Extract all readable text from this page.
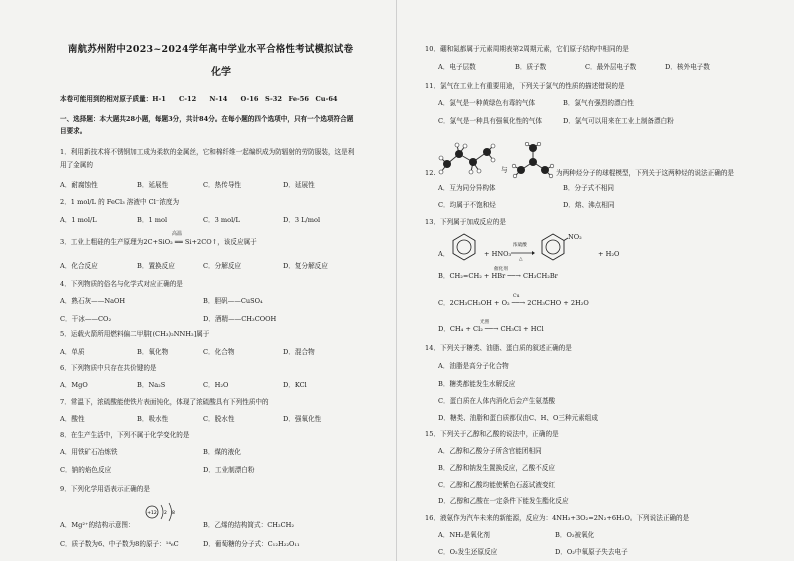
南航苏州附中2023~2024学年高中学业水平合格性考试模拟试卷
化学
本卷可能用到的相对原子质量：H-1　　C-12　　N-14　　O-16　S-32　Fe-56　Cu-64
一、选择题：本大题共28小题，每题3分，共计84分。在每小题的四个选项中，只有一个选项符合题
目要求。
1．利用新技术将不锈钢加工成为柔软的金属丝，它和棉纤维一起编织成为防辐射的劳防服装，这是利
用了金属的
A．耐腐蚀性	B．延展性	C．热传导性	D．延展性
2．1 mol/L 的 FeCl₃ 溶液中 Cl⁻浓度为
A．1 mol/L	B．1 mol	C．3 mol/L	D．3 L/mol
高温
3．工业上粗硅的生产原理为2C+SiO₂ ══ Si+2CO↑，该反应属于
A．化合反应	B．置换反应	C．分解反应	D．复分解反应
4．下列物质的俗名与化学式对应正确的是
A．熟石灰——NaOH	B．胆矾——CuSO₄
C．干冰——CO₂	D．酒精——CH₃COOH
5．运载火箭所用燃料偏二甲肼[(CH₃)₂NNH₂]属于
A．单质	B．氧化物	C．化合物	D．混合物
6．下列物质中只存在共价键的是
A．MgO	B．Na₂S	C．H₂O	D．KCl
7．常温下，浓硫酸能使铁片表面钝化，体现了浓硫酸具有下列性质中的
A．酸性	B．吸水性	C．脱水性	D．强氧化性
8．在生产生活中，下列不属于化学变化的是
A．用铁矿石冶炼铁	B．煤的液化
C．钠的焰色反应	D．工业制漂白粉
9．下列化学用语表示正确的是
+12 2 8
A．Mg²⁺的结构示意图：	B．乙烯的结构简式：CH₂CH₂
C．质子数为6、中子数为8的原子：¹⁴₆C	D．葡萄糖的分子式：C₁₂H₂₂O₁₁
10．硼和氮都属于元素周期表第2周期元素，它们原子结构中相同的是
A．电子层数	B．质子数	C．最外层电子数	D．核外电子数
11．氯气在工业上有重要用途，下列关于氯气的性质的描述错误的是
A．氯气是一种黄绿色有毒的气体	B．氯气有强烈的漂白性
C．氯气是一种具有强氧化性的气体	D．氯气可以用来在工业上制备漂白粉
12.	与	为两种烃分子的球棍模型，下列关于这两种烃的说法正确的是
A．互为同分异构体	B．分子式不相同
C．均属于不饱和烃	D．熔、沸点相同
13．下列属于加成反应的是
A．	+ HNO₃
浓硫酸
△
NO₂
+ H₂O
催化剂
B．CH₂=CH₂ + HBr ──→ CH₃CH₂Br
Cu
C．2CH₃CH₂OH + O₂ ──→ 2CH₃CHO + 2H₂O
光照
D．CH₄ + Cl₂ ──→ CH₃Cl + HCl
14．下列关于糖类、油脂、蛋白质的叙述正确的是
A．油脂是高分子化合物
B．糖类都能发生水解反应
C．蛋白质在人体内消化后会产生氨基酸
D．糖类、油脂和蛋白质都仅由C、H、O三种元素组成
15．下列关于乙醇和乙酸的说法中，正确的是
A．乙醇和乙酸分子所含官能团相同
B．乙醇和钠发生置换反应，乙酸不反应
C．乙醇和乙酸均能使紫色石蕊试液变红
D．乙醇和乙酸在一定条件下能发生酯化反应
16．液氨作为汽车未来的新能源，反应为：4NH₃+3O₂=2N₂+6H₂O。下列说法正确的是
A．NH₃是氧化剂	B．O₂被氧化
C．O₂发生还原反应	D．O₂中氧原子失去电子
